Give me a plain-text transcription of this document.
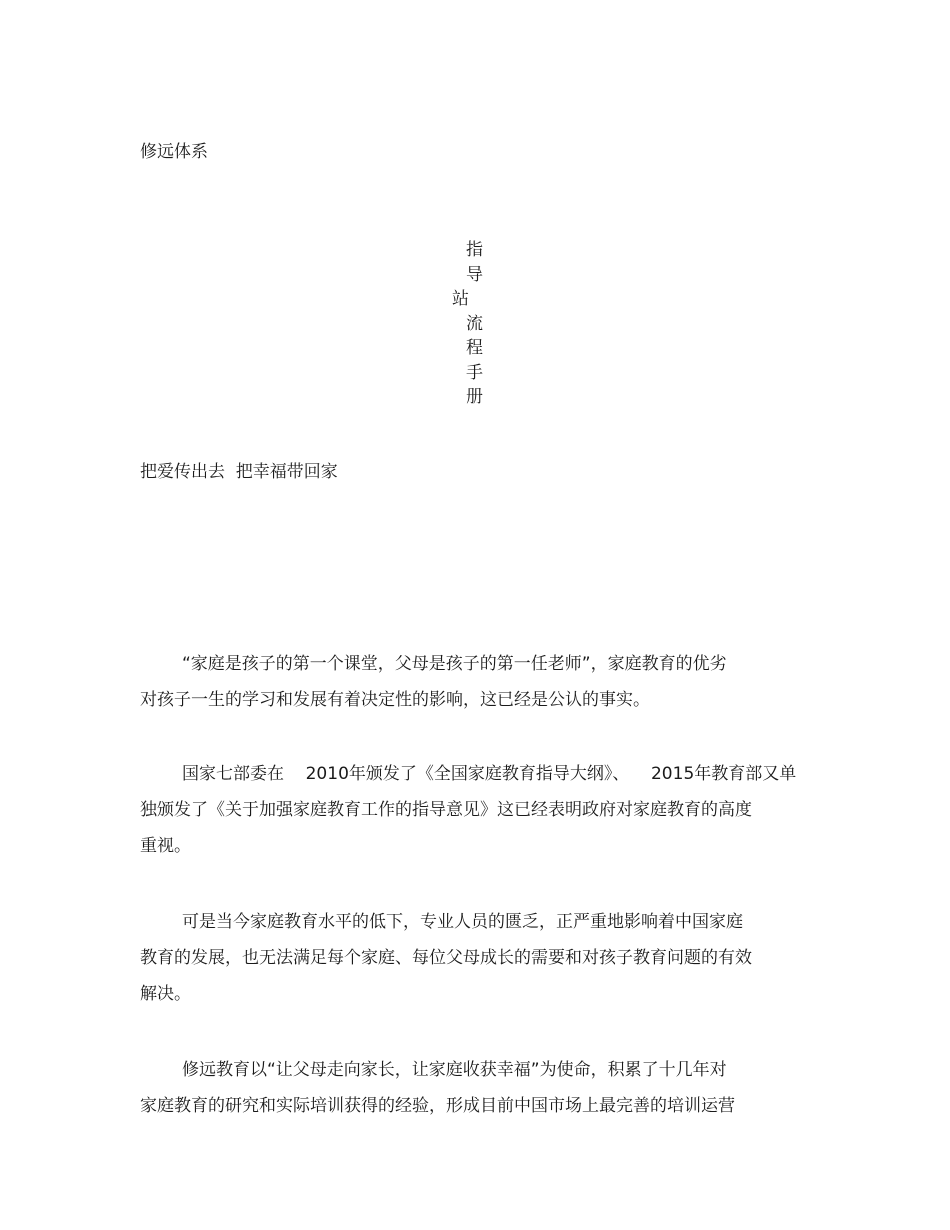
修远体系
指
导
站
流
程
手
册
把爱传出去  把幸福带回家
“家庭是孩子的第一个课堂，父母是孩子的第一任老师”，家庭教育的优劣
对孩子一生的学习和发展有着决定性的影响，这已经是公认的事实。
国家七部委在    2010年颁发了《全国家庭教育指导大纲》、    2015年教育部又单
独颁发了《关于加强家庭教育工作的指导意见》这已经表明政府对家庭教育的高度
重视。
可是当今家庭教育水平的低下，专业人员的匮乏，正严重地影响着中国家庭
教育的发展，也无法满足每个家庭、每位父母成长的需要和对孩子教育问题的有效
解决。
修远教育以“让父母走向家长，让家庭收获幸福”为使命，积累了十几年对
家庭教育的研究和实际培训获得的经验，形成目前中国市场上最完善的培训运营
